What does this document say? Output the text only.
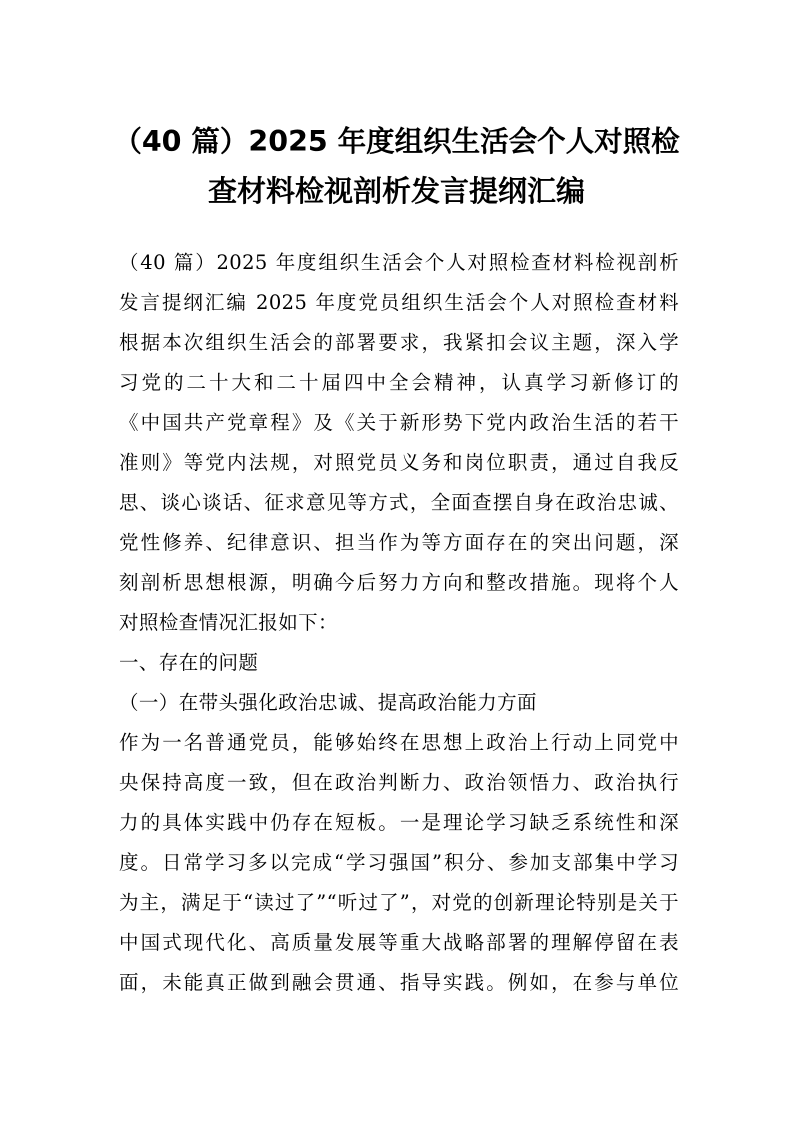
（40 篇）2025 年度组织生活会个人对照检
查材料检视剖析发言提纲汇编
（40 篇）2025 年度组织生活会个人对照检查材料检视剖析
发言提纲汇编 2025 年度党员组织生活会个人对照检查材料
根据本次组织生活会的部署要求，我紧扣会议主题，深入学
习党的二十大和二十届四中全会精神，认真学习新修订的
《中国共产党章程》及《关于新形势下党内政治生活的若干
准则》等党内法规，对照党员义务和岗位职责，通过自我反
思、谈心谈话、征求意见等方式，全面查摆自身在政治忠诚、
党性修养、纪律意识、担当作为等方面存在的突出问题，深
刻剖析思想根源，明确今后努力方向和整改措施。现将个人
对照检查情况汇报如下：
一、存在的问题
（一）在带头强化政治忠诚、提高政治能力方面
作为一名普通党员，能够始终在思想上政治上行动上同党中
央保持高度一致，但在政治判断力、政治领悟力、政治执行
力的具体实践中仍存在短板。一是理论学习缺乏系统性和深
度。日常学习多以完成“学习强国”积分、参加支部集中学习
为主，满足于“读过了”“听过了”，对党的创新理论特别是关于
中国式现代化、高质量发展等重大战略部署的理解停留在表
面，未能真正做到融会贯通、指导实践。例如，在参与单位
